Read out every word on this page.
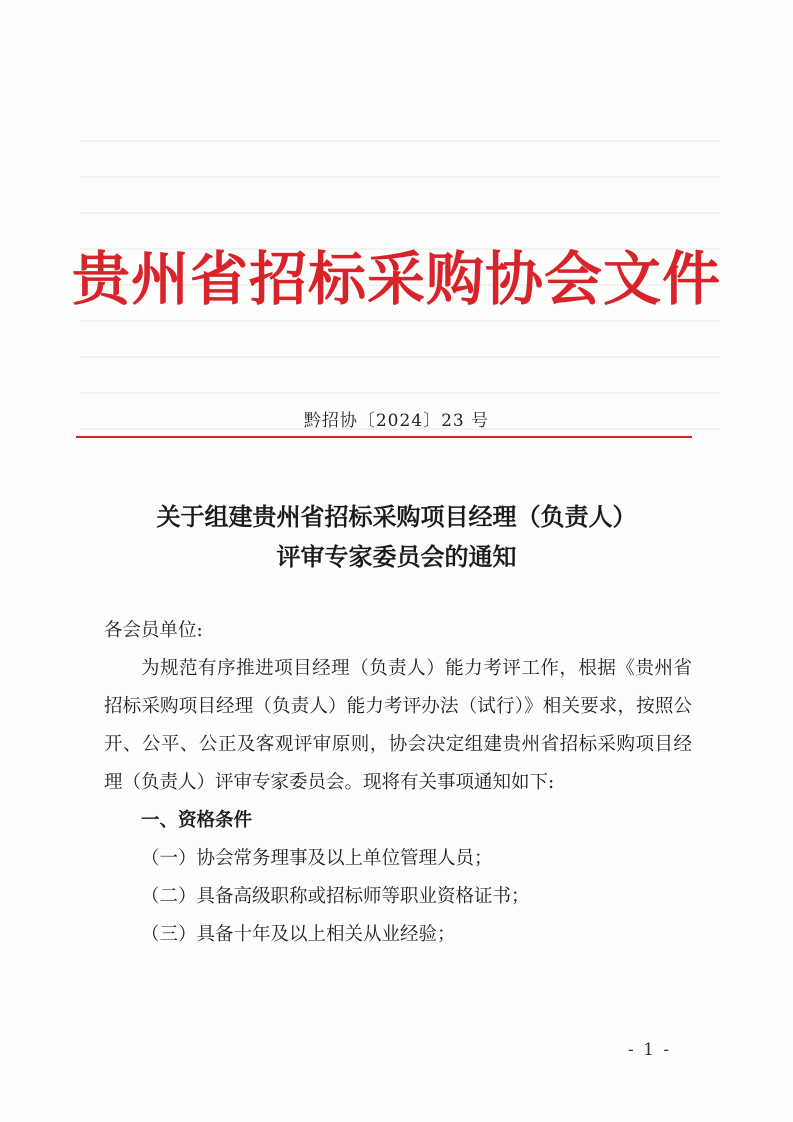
贵州省招标采购协会文件
黔招协〔2024〕23 号
关于组建贵州省招标采购项目经理（负责人）
评审专家委员会的通知

各会员单位:

为规范有序推进项目经理（负责人）能力考评工作，根据《贵州省招标采购项目经理（负责人）能力考评办法（试行）》相关要求，按照公开、公平、公正及客观评审原则，协会决定组建贵州省招标采购项目经理（负责人）评审专家委员会。现将有关事项通知如下:

一、资格条件

（一）协会常务理事及以上单位管理人员；

（二）具备高级职称或招标师等职业资格证书；

（三）具备十年及以上相关从业经验；

- 1 -
